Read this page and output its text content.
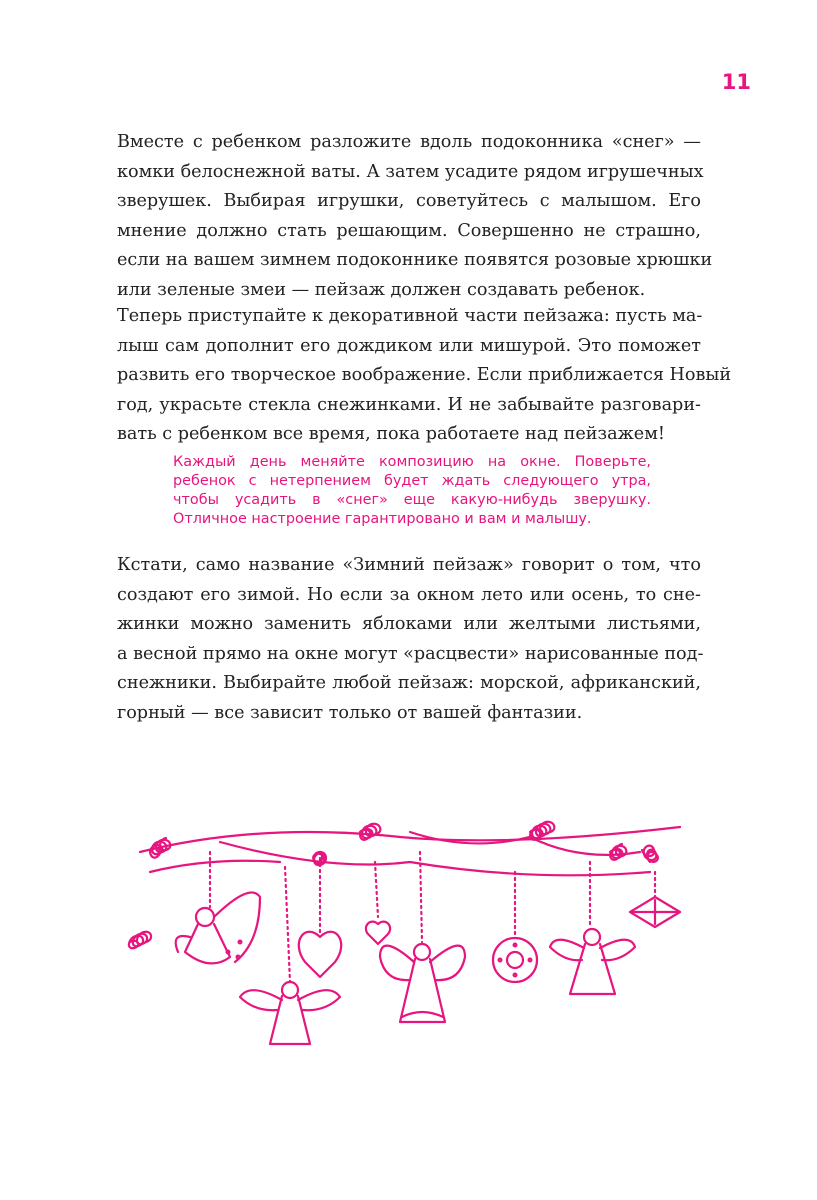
11

Вместе с ребенком разложите вдоль подоконника «снег» —
комки белоснежной ваты. А затем усадите рядом игрушечных
зверушек. Выбирая игрушки, советуйтесь с малышом. Его
мнение должно стать решающим. Совершенно не страшно,
если на вашем зимнем подоконнике появятся розовые хрюшки
или зеленые змеи — пейзаж должен создавать ребенок.

Теперь приступайте к декоративной части пейзажа: пусть ма-
лыш сам дополнит его дождиком или мишурой. Это поможет
развить его творческое воображение. Если приближается Новый
год, украсьте стекла снежинками. И не забывайте разговари-
вать с ребенком все время, пока работаете над пейзажем!

Каждый день меняйте композицию на окне. Поверьте,
ребенок с нетерпением будет ждать следующего утра,
чтобы усадить в «снег» еще какую-нибудь зверушку.
Отличное настроение гарантировано и вам и малышу.

Кстати, само название «Зимний пейзаж» говорит о том, что
создают его зимой. Но если за окном лето или осень, то сне-
жинки можно заменить яблоками или желтыми листьями,
а весной прямо на окне могут «расцвести» нарисованные под-
снежники. Выбирайте любой пейзаж: морской, африканский,
горный — все зависит только от вашей фантазии.
